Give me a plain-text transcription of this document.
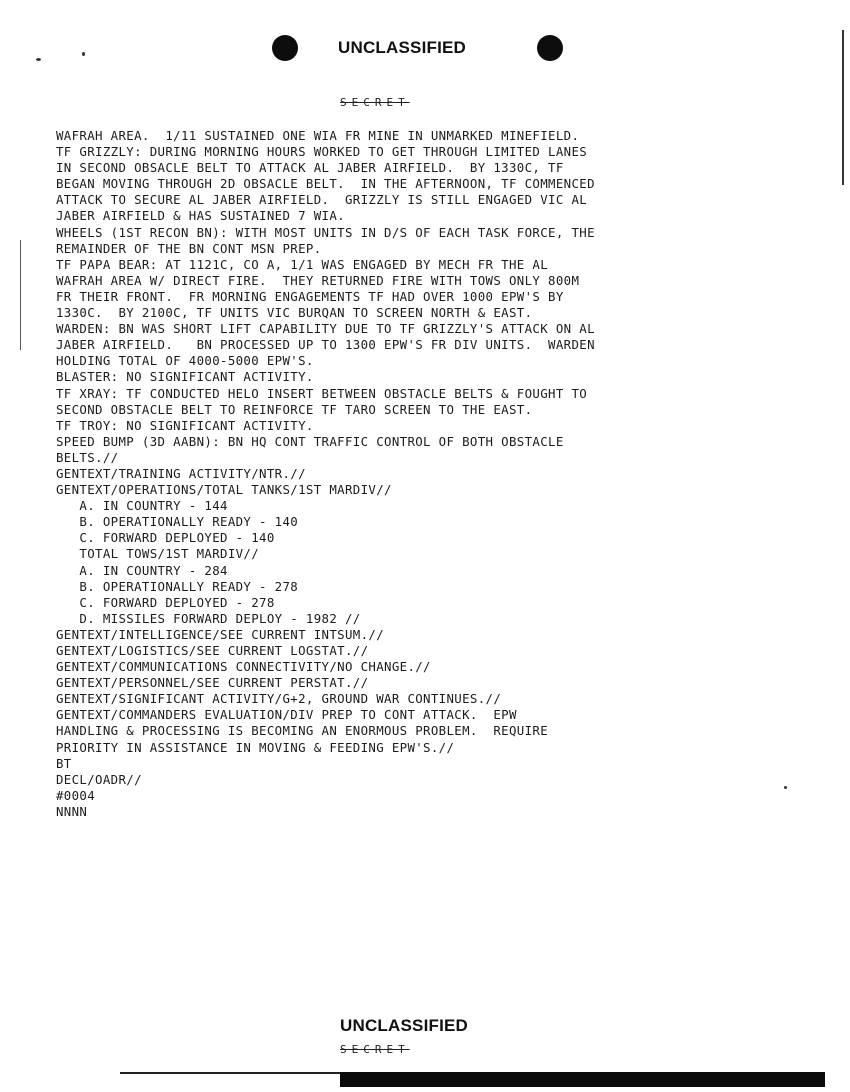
UNCLASSIFIED
SECRET
WAFRAH AREA.  1/11 SUSTAINED ONE WIA FR MINE IN UNMARKED MINEFIELD.
TF GRIZZLY: DURING MORNING HOURS WORKED TO GET THROUGH LIMITED LANES
IN SECOND OBSACLE BELT TO ATTACK AL JABER AIRFIELD.  BY 1330C, TF
BEGAN MOVING THROUGH 2D OBSACLE BELT.  IN THE AFTERNOON, TF COMMENCED
ATTACK TO SECURE AL JABER AIRFIELD.  GRIZZLY IS STILL ENGAGED VIC AL
JABER AIRFIELD & HAS SUSTAINED 7 WIA.
WHEELS (1ST RECON BN): WITH MOST UNITS IN D/S OF EACH TASK FORCE, THE
REMAINDER OF THE BN CONT MSN PREP.
TF PAPA BEAR: AT 1121C, CO A, 1/1 WAS ENGAGED BY MECH FR THE AL
WAFRAH AREA W/ DIRECT FIRE.  THEY RETURNED FIRE WITH TOWS ONLY 800M
FR THEIR FRONT.  FR MORNING ENGAGEMENTS TF HAD OVER 1000 EPW'S BY
1330C.  BY 2100C, TF UNITS VIC BURQAN TO SCREEN NORTH & EAST.
WARDEN: BN WAS SHORT LIFT CAPABILITY DUE TO TF GRIZZLY'S ATTACK ON AL
JABER AIRFIELD.   BN PROCESSED UP TO 1300 EPW'S FR DIV UNITS.  WARDEN
HOLDING TOTAL OF 4000-5000 EPW'S.
BLASTER: NO SIGNIFICANT ACTIVITY.
TF XRAY: TF CONDUCTED HELO INSERT BETWEEN OBSTACLE BELTS & FOUGHT TO
SECOND OBSTACLE BELT TO REINFORCE TF TARO SCREEN TO THE EAST.
TF TROY: NO SIGNIFICANT ACTIVITY.
SPEED BUMP (3D AABN): BN HQ CONT TRAFFIC CONTROL OF BOTH OBSTACLE
BELTS.//
GENTEXT/TRAINING ACTIVITY/NTR.//
GENTEXT/OPERATIONS/TOTAL TANKS/1ST MARDIV//
A. IN COUNTRY - 144
B. OPERATIONALLY READY - 140
C. FORWARD DEPLOYED - 140
TOTAL TOWS/1ST MARDIV//
A. IN COUNTRY - 284
B. OPERATIONALLY READY - 278
C. FORWARD DEPLOYED - 278
D. MISSILES FORWARD DEPLOY - 1982 //
GENTEXT/INTELLIGENCE/SEE CURRENT INTSUM.//
GENTEXT/LOGISTICS/SEE CURRENT LOGSTAT.//
GENTEXT/COMMUNICATIONS CONNECTIVITY/NO CHANGE.//
GENTEXT/PERSONNEL/SEE CURRENT PERSTAT.//
GENTEXT/SIGNIFICANT ACTIVITY/G+2, GROUND WAR CONTINUES.//
GENTEXT/COMMANDERS EVALUATION/DIV PREP TO CONT ATTACK.  EPW
HANDLING & PROCESSING IS BECOMING AN ENORMOUS PROBLEM.  REQUIRE
PRIORITY IN ASSISTANCE IN MOVING & FEEDING EPW'S.//
BT
DECL/OADR//
#0004
NNNN
UNCLASSIFIED
SECRET
